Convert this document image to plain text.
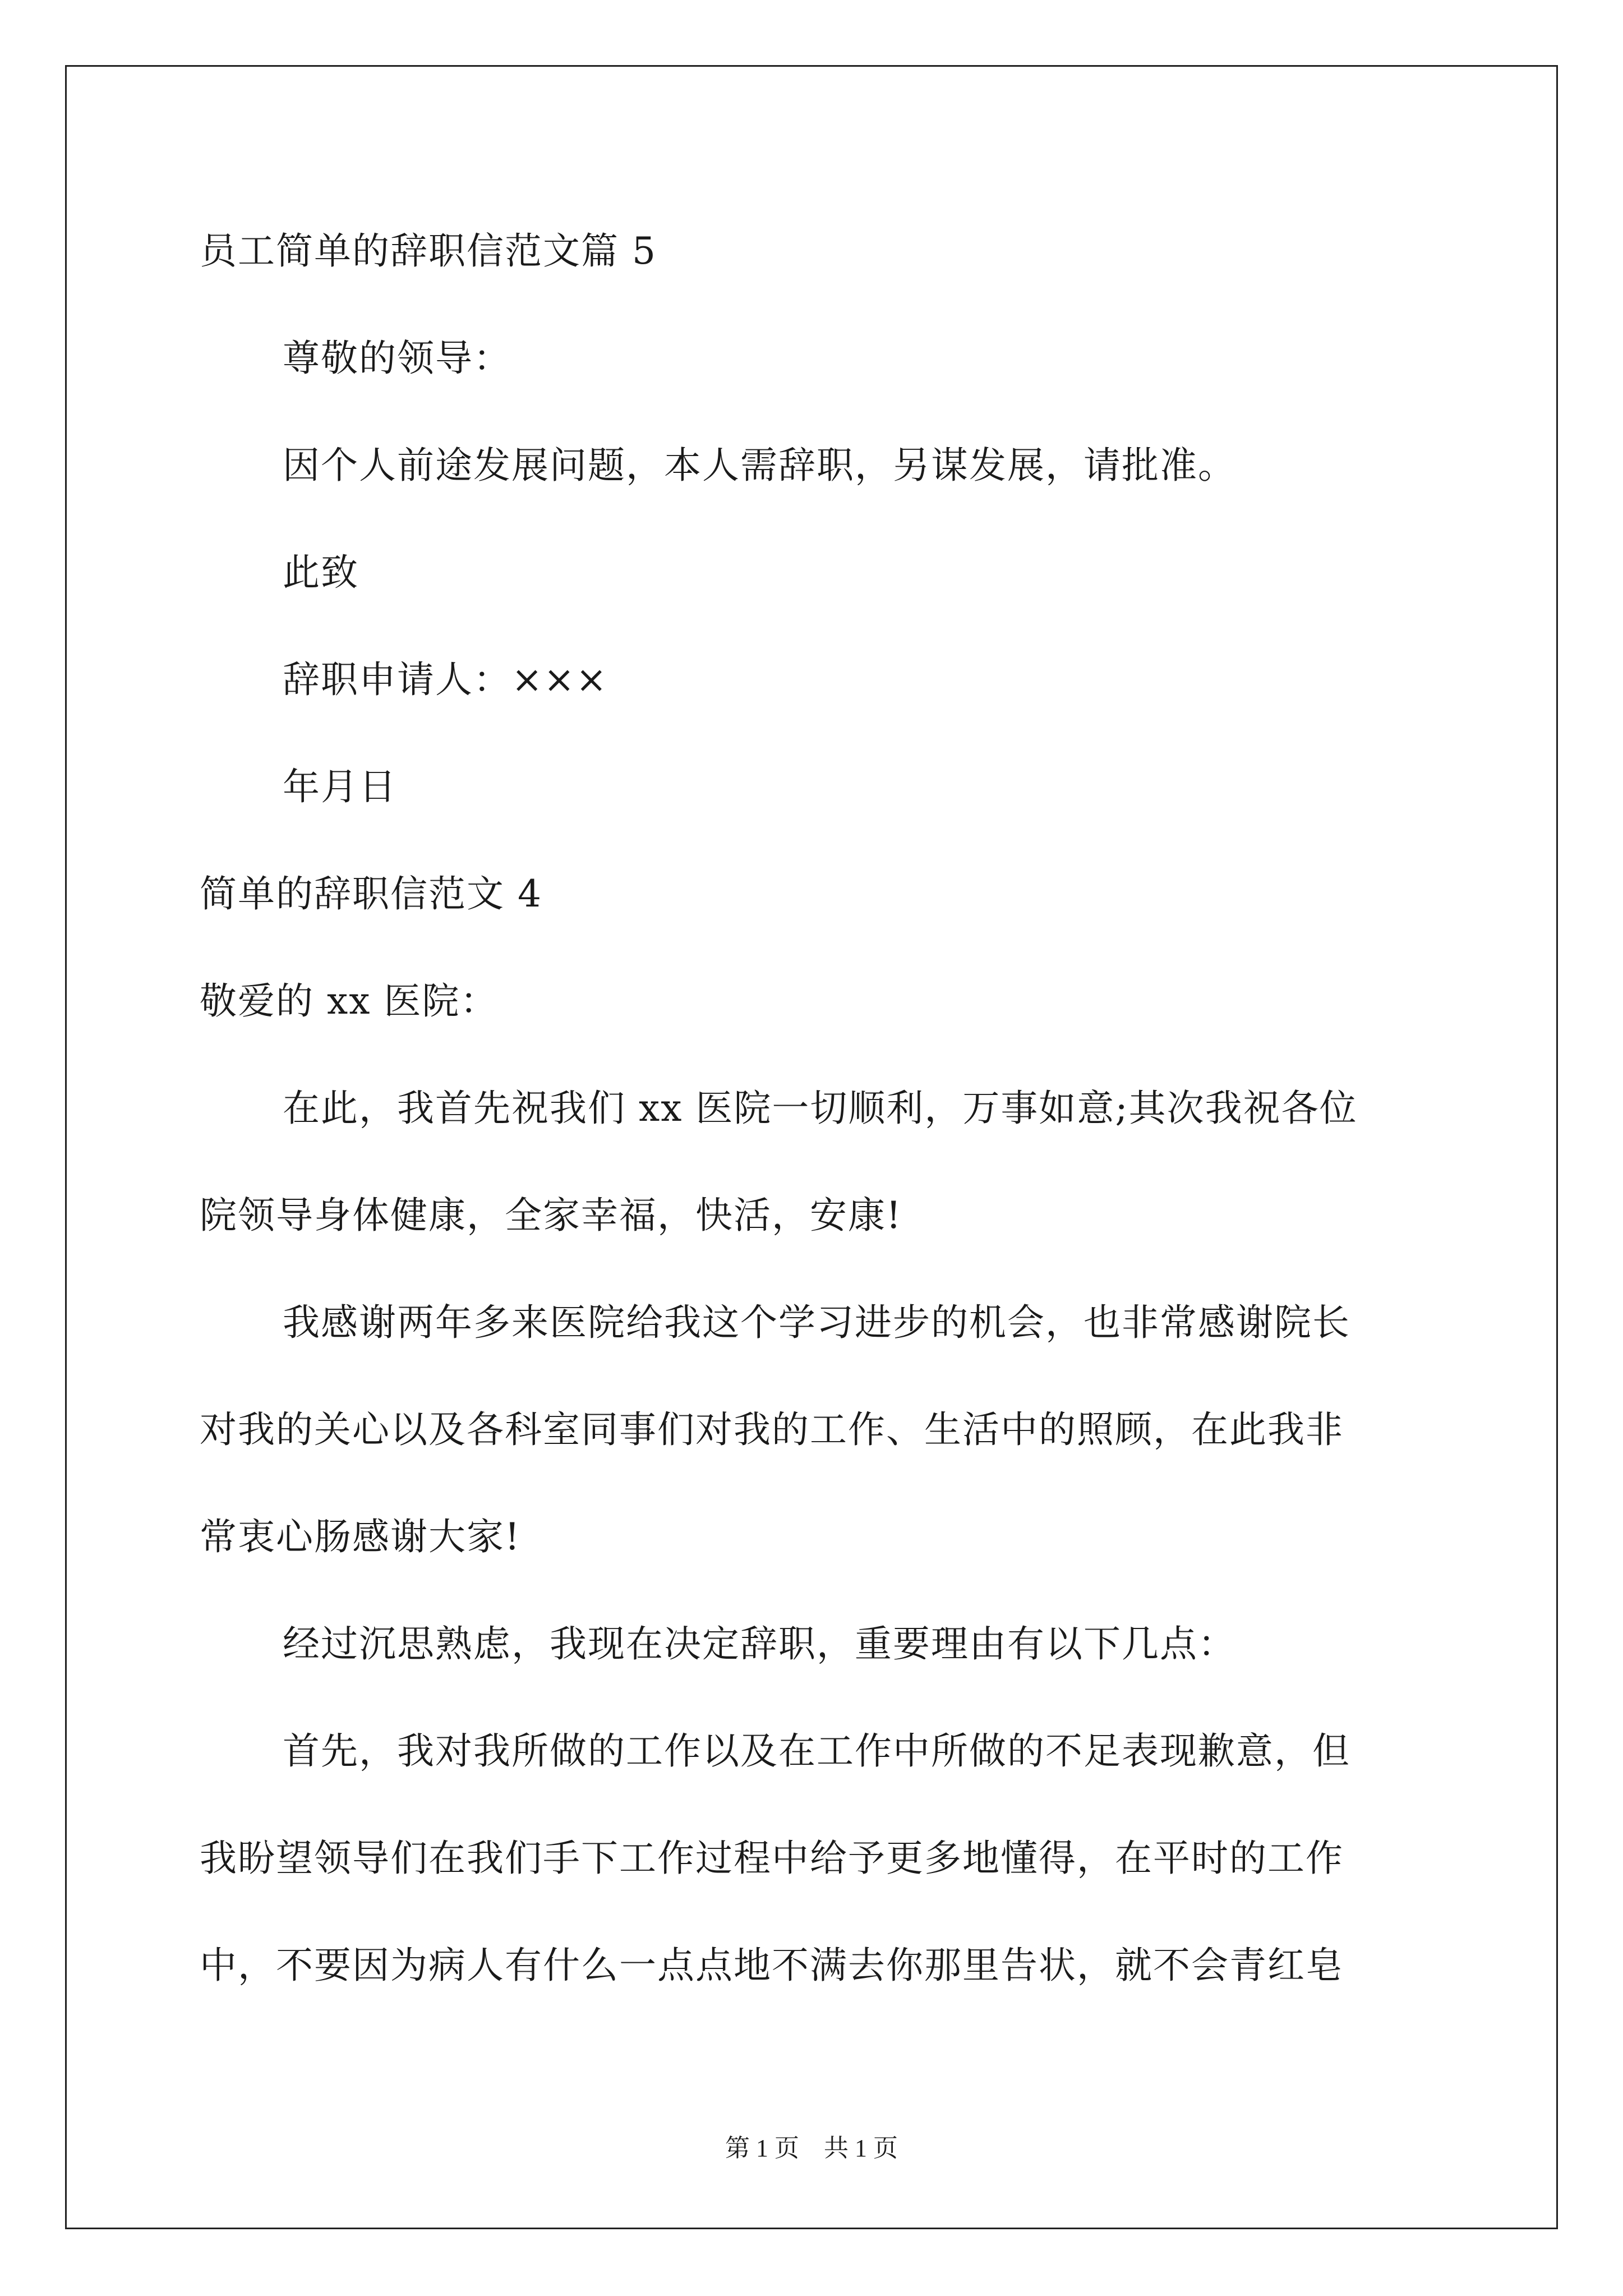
员工简单的辞职信范文篇 5
尊敬的领导：
因个人前途发展问题，本人需辞职，另谋发展，请批准。
此致
辞职申请人：×××
年月日
简单的辞职信范文 4
敬爱的 xx 医院：
在此，我首先祝我们 xx 医院一切顺利，万事如意;其次我祝各位
院领导身体健康，全家幸福，快活，安康!
我感谢两年多来医院给我这个学习进步的机会，也非常感谢院长
对我的关心以及各科室同事们对我的工作、生活中的照顾，在此我非
常衷心肠感谢大家!
经过沉思熟虑，我现在决定辞职，重要理由有以下几点：
首先，我对我所做的工作以及在工作中所做的不足表现歉意，但
我盼望领导们在我们手下工作过程中给予更多地懂得，在平时的工作
中，不要因为病人有什么一点点地不满去你那里告状，就不会青红皂
第 1 页　共 1 页
